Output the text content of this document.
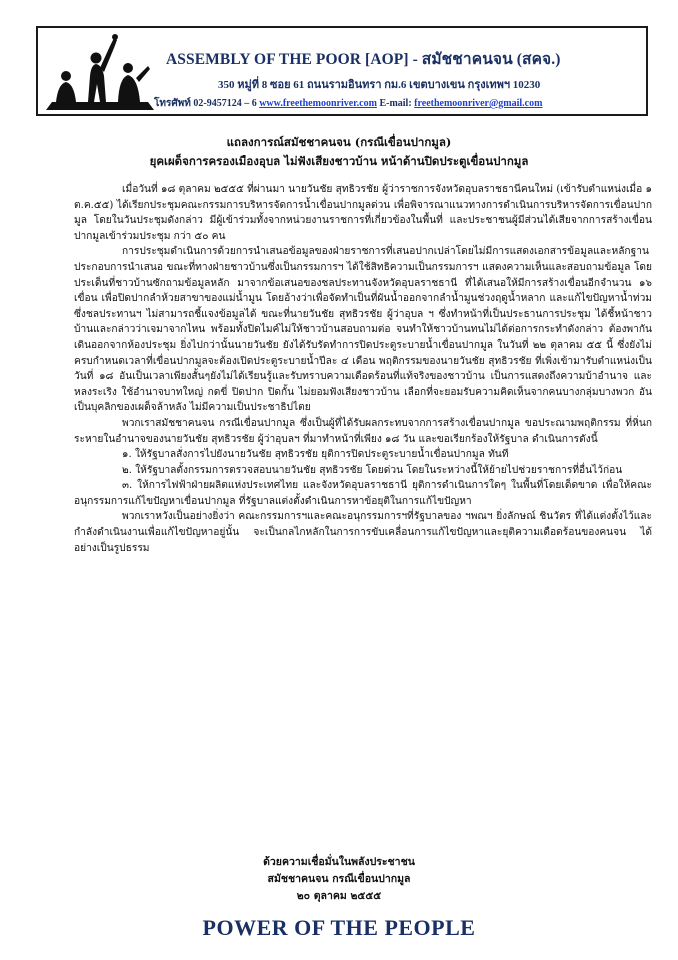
ASSEMBLY OF THE POOR [AOP] - สมัชชาคนจน (สคจ.)
350 หมู่ที่ 8 ซอย 61 ถนนรามอินทรา กม.6 เขตบางเขน กรุงเทพฯ 10230
โทรศัพท์ 02-9457124 – 6 www.freethemoonriver.com E-mail: freethemoonriver@gmail.com
แถลงการณ์สมัชชาคนจน (กรณีเขื่อนปากมูล)
ยุคเผด็จการครองเมืองอุบล ไม่ฟังเสียงชาวบ้าน หน้าด้านปิดประตูเขื่อนปากมูล

เมื่อวันที่ ๑๘ ตุลาคม ๒๕๕๕ ที่ผ่านมา นายวันชัย สุทธิวรชัย ผู้ว่าราชการจังหวัดอุบลราชธานีคนใหม่ (เข้ารับตำแหน่งเมื่อ ๑ ต.ค.๕๕) ได้เรียกประชุมคณะกรรมการบริหารจัดการน้ำเขื่อนปากมูลด่วน เพื่อพิจารณาแนวทางการดำเนินการบริหารจัดการเขื่อนปากมูล โดยในวันประชุมดังกล่าว มีผู้เข้าร่วมทั้งจากหน่วยงานราชการที่เกี่ยวข้องในพื้นที่ และประชาชนผู้มีส่วนได้เสียจากการสร้างเขื่อนปากมูลเข้าร่วมประชุม กว่า ๕๐ คน

การประชุมดำเนินการด้วยการนำเสนอข้อมูลของฝ่ายราชการที่เสนอปากเปล่าโดยไม่มีการแสดงเอกสารข้อมูลและหลักฐานประกอบการนำเสนอ ขณะที่ทางฝ่ายชาวบ้านซึ่งเป็นกรรมการฯ ได้ใช้สิทธิความเป็นกรรมการฯ แสดงความเห็นและสอบถามข้อมูล โดยประเด็นที่ชาวบ้านซักถามข้อมูลหลัก มาจากข้อเสนอของชลประทานจังหวัดอุบลราชธานี ที่ได้เสนอให้มีการสร้างเขื่อนอีกจำนวน ๑๖ เขื่อน เพื่อปิดปากลำห้วยสาขาของแม่น้ำมูน โดยอ้างว่าเพื่อจัดทำเป็นที่ผันน้ำออกจากลำน้ำมูนช่วงฤดูน้ำหลาก และแก้ไขปัญหาน้ำท่วม ซึ่งชลประทานฯ ไม่สามารถชี้แจงข้อมูลได้ ขณะที่นายวันชัย สุทธิวรชัย ผู้ว่าอุบล ฯ ซึ่งทำหน้าที่เป็นประธานการประชุม ได้ชี้หน้าชาวบ้านและกล่าวว่าเจมาจากไหน พร้อมทั้งปิดไมค์ไม่ให้ชาวบ้านสอบถามต่อ จนทำให้ชาวบ้านทนไม่ได้ต่อการกระทำดังกล่าว ต้องพากันเดินออกจากห้องประชุม ยิ่งไปกว่านั้นนายวันชัย ยังได้รับรัดทำการปิดประตูระบายน้ำเขื่อนปากมูล ในวันที่ ๒๒ ตุลาคม ๕๕ นี้ ซึ่งยังไม่ครบกำหนดเวลาที่เขื่อนปากมูลจะต้องเปิดประตูระบายน้ำปีละ ๔ เดือน พฤติกรรมของนายวันชัย สุทธิวรชัย ที่เพิ่งเข้ามารับตำแหน่งเป็นวันที่ ๑๘ อันเป็นเวลาเพียงสั้นๆยังไม่ได้เรียนรู้และรับทราบความเดือดร้อนที่แท้จริงของชาวบ้าน เป็นการแสดงถึงความบ้าอำนาจ และหลงระเริง ใช้อำนาจบาทใหญ่ กดขี่ ปิดปาก ปิดกั้น ไม่ยอมฟังเสียงชาวบ้าน เลือกที่จะยอมรับความคิดเห็นจากคนบางกลุ่มบางพวก อันเป็นบุคลิกของเผด็จล้าหลัง ไม่มีความเป็นประชาธิปไตย

พวกเราสมัชชาคนจน กรณีเขื่อนปากมูล ซึ่งเป็นผู้ที่ได้รับผลกระทบจากการสร้างเขื่อนปากมูล ขอประณามพฤติกรรม ที่หิ่นกระหายในอำนาจของนายวันชัย สุทธิวรชัย ผู้ว่าอุบลฯ ที่มาทำหน้าที่เพียง ๑๘ วัน และขอเรียกร้องให้รัฐบาล ดำเนินการดังนี้

๑. ให้รัฐบาลสั่งการไปยังนายวันชัย สุทธิวรชัย ยุติการปิดประตูระบายน้ำเขื่อนปากมูล ทันที

๒. ให้รัฐบาลตั้งกรรมการตรวจสอบนายวันชัย สุทธิวรชัย โดยด่วน โดยในระหว่างนี้ให้ย้ายไปช่วยราชการที่อื่นไว้ก่อน

๓. ให้การไฟฟ้าฝ่ายผลิตแห่งประเทศไทย และจังหวัดอุบลราชธานี ยุติการดำเนินการใดๆ ในพื้นที่โดยเด็ดขาด เพื่อให้คณะอนุกรรมการแก้ไขปัญหาเขื่อนปากมูล ที่รัฐบาลแต่งตั้งดำเนินการหาข้อยุติในการแก้ไขปัญหา

พวกเราหวังเป็นอย่างยิ่งว่า คณะกรรมการฯและคณะอนุกรรมการฯที่รัฐบาลของ ฯพณฯ ยิ่งลักษณ์ ชินวัตร ที่ได้แต่งตั้งไว้และกำลังดำเนินงานเพื่อแก้ไขปัญหาอยู่นั้น จะเป็นกลไกหลักในการการขับเคลื่อนการแก้ไขปัญหาและยุติความเดือดร้อนของคนจน ได้อย่างเป็นรูปธรรม

ด้วยความเชื่อมั่นในพลังประชาชน
สมัชชาคนจน กรณีเขื่อนปากมูล
๒๐ ตุลาคม ๒๕๕๕
POWER OF THE PEOPLE
